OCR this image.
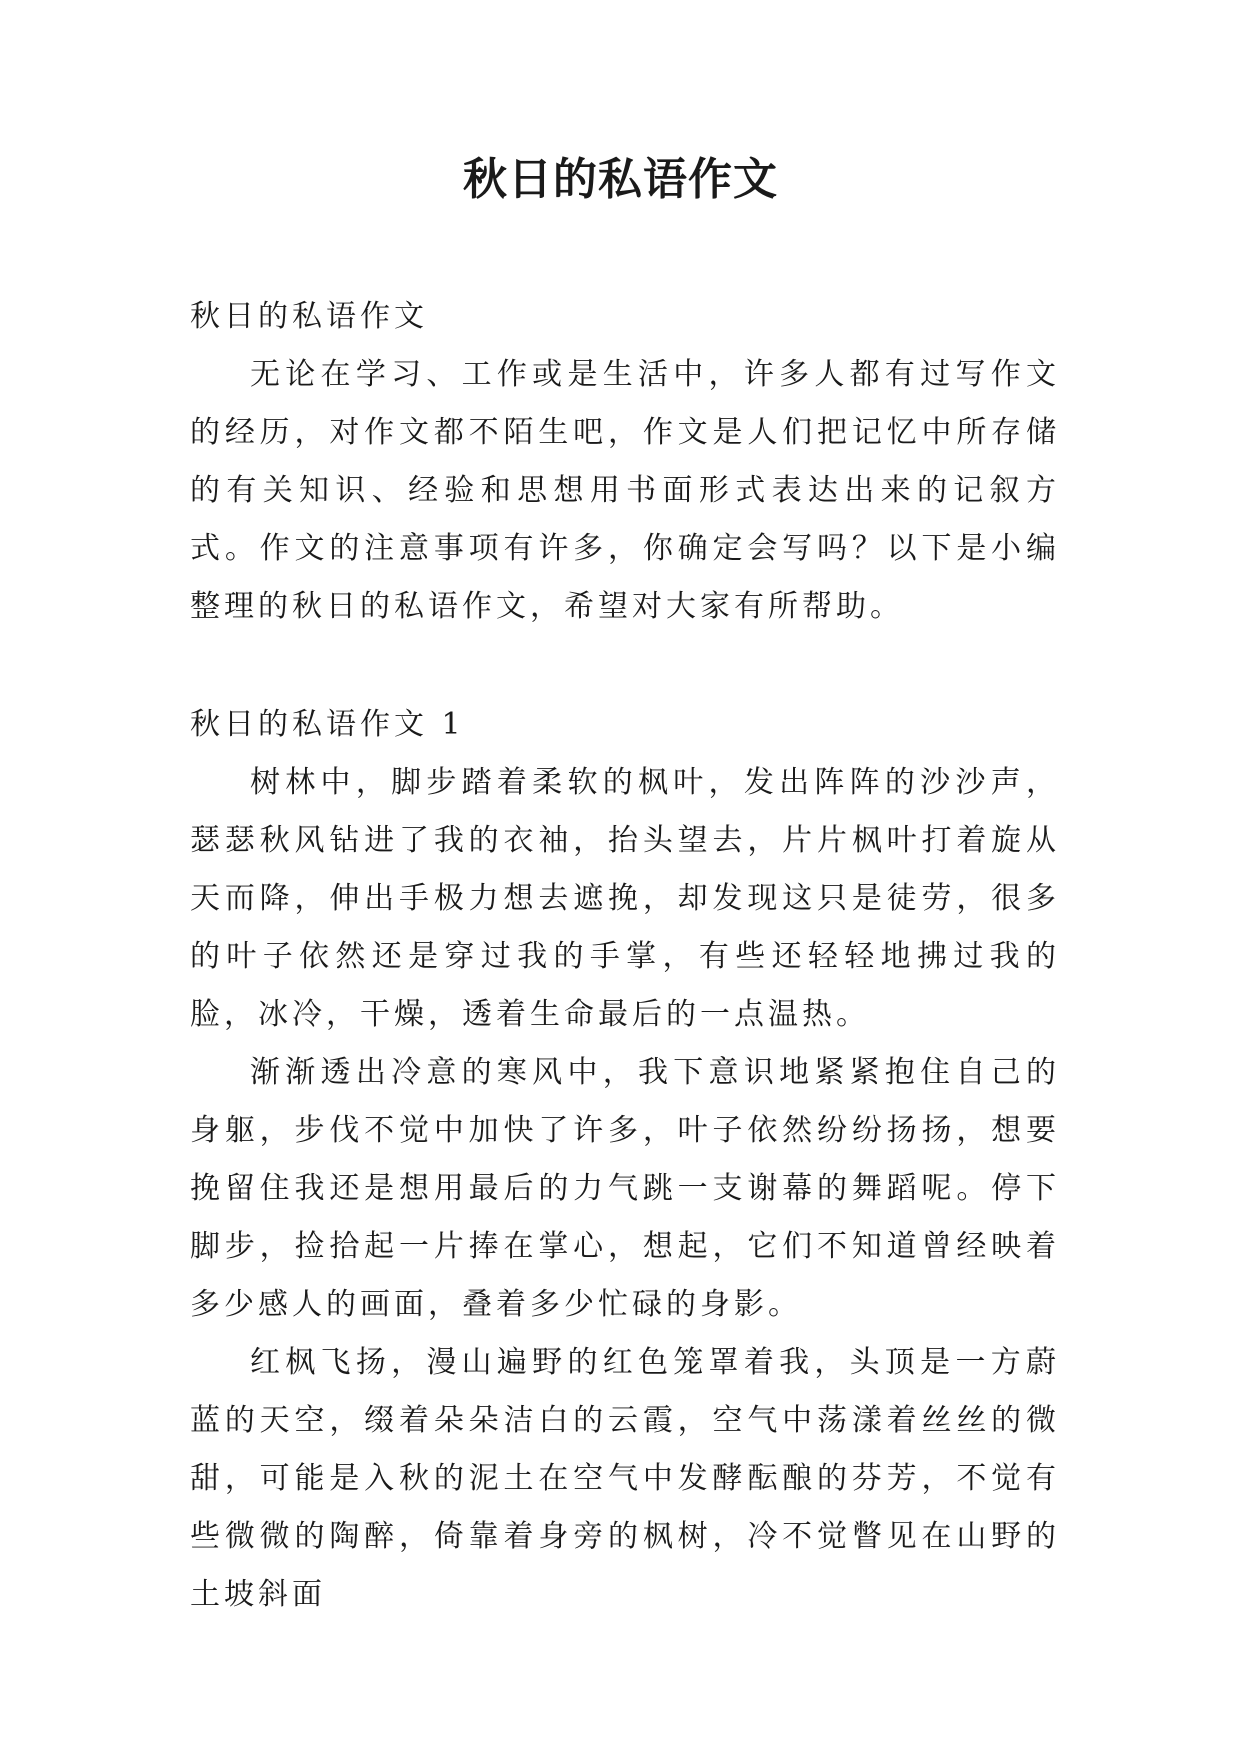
秋日的私语作文

秋日的私语作文

无论在学习、工作或是生活中，许多人都有过写作文的经历，对作文都不陌生吧，作文是人们把记忆中所存储的有关知识、经验和思想用书面形式表达出来的记叙方式。作文的注意事项有许多，你确定会写吗？以下是小编整理的秋日的私语作文，希望对大家有所帮助。

秋日的私语作文 1

树林中，脚步踏着柔软的枫叶，发出阵阵的沙沙声，瑟瑟秋风钻进了我的衣袖，抬头望去，片片枫叶打着旋从天而降，伸出手极力想去遮挽，却发现这只是徒劳，很多的叶子依然还是穿过我的手掌，有些还轻轻地拂过我的脸，冰冷，干燥，透着生命最后的一点温热。

渐渐透出冷意的寒风中，我下意识地紧紧抱住自己的身躯，步伐不觉中加快了许多，叶子依然纷纷扬扬，想要挽留住我还是想用最后的力气跳一支谢幕的舞蹈呢。停下脚步，捡拾起一片捧在掌心，想起，它们不知道曾经映着多少感人的画面，叠着多少忙碌的身影。

红枫飞扬，漫山遍野的红色笼罩着我，头顶是一方蔚蓝的天空，缀着朵朵洁白的云霞，空气中荡漾着丝丝的微甜，可能是入秋的泥土在空气中发酵酝酿的芬芳，不觉有些微微的陶醉，倚靠着身旁的枫树，冷不觉瞥见在山野的土坡斜面
